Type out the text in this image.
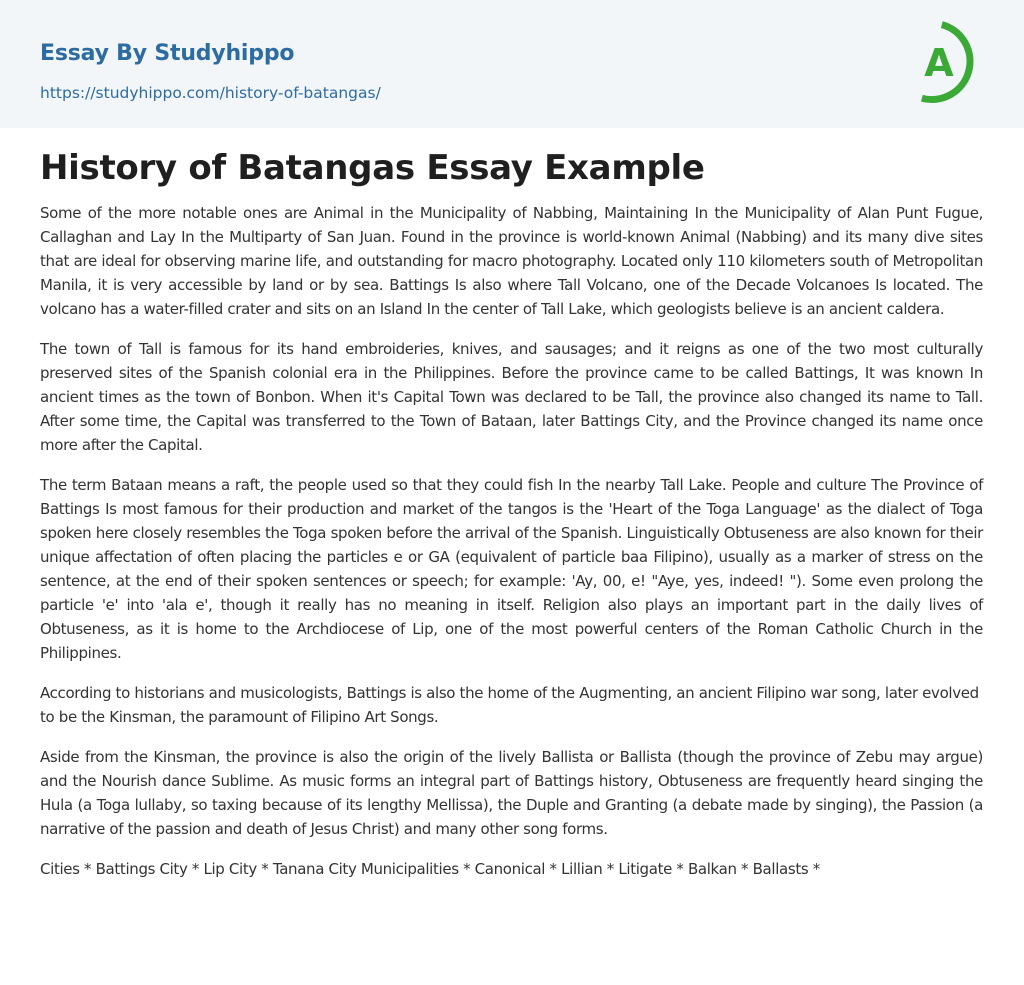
Essay By Studyhippo
https://studyhippo.com/history-of-batangas/
A
History of Batangas Essay Example

Some of the more notable ones are Animal in the Municipality of Nabbing, Maintaining In the Municipality of Alan Punt Fugue, Callaghan and Lay In the Multiparty of San Juan. Found in the province is world-known Animal (Nabbing) and its many dive sites that are ideal for observing marine life, and outstanding for macro photography. Located only 110 kilometers south of Metropolitan Manila, it is very accessible by land or by sea. Battings Is also where Tall Volcano, one of the Decade Volcanoes Is located. The volcano has a water-filled crater and sits on an Island In the center of Tall Lake, which geologists believe is an ancient caldera.

The town of Tall is famous for its hand embroideries, knives, and sausages; and it reigns as one of the two most culturally preserved sites of the Spanish colonial era in the Philippines. Before the province came to be called Battings, It was known In ancient times as the town of Bonbon. When it's Capital Town was declared to be Tall, the province also changed its name to Tall. After some time, the Capital was transferred to the Town of Bataan, later Battings City, and the Province changed its name once more after the Capital.

The term Bataan means a raft, the people used so that they could fish In the nearby Tall Lake. People and culture The Province of Battings Is most famous for their production and market of the tangos is the 'Heart of the Toga Language' as the dialect of Toga spoken here closely resembles the Toga spoken before the arrival of the Spanish. Linguistically Obtuseness are also known for their unique affectation of often placing the particles e or GA (equivalent of particle baa Filipino), usually as a marker of stress on the sentence, at the end of their spoken sentences or speech; for example: 'Ay, 00, e! "Aye, yes, indeed! "). Some even prolong the particle 'e' into 'ala e', though it really has no meaning in itself. Religion also plays an important part in the daily lives of Obtuseness, as it is home to the Archdiocese of Lip, one of the most powerful centers of the Roman Catholic Church in the Philippines.

According to historians and musicologists, Battings is also the home of the Augmenting, an ancient Filipino war song, later evolved to be the Kinsman, the paramount of Filipino Art Songs.

Aside from the Kinsman, the province is also the origin of the lively Ballista or Ballista (though the province of Zebu may argue) and the Nourish dance Sublime. As music forms an integral part of Battings history, Obtuseness are frequently heard singing the Hula (a Toga lullaby, so taxing because of its lengthy Mellissa), the Duple and Granting (a debate made by singing), the Passion (a narrative of the passion and death of Jesus Christ) and many other song forms.

Cities * Battings City * Lip City * Tanana City Municipalities * Canonical * Lillian * Litigate * Balkan * Ballasts *
